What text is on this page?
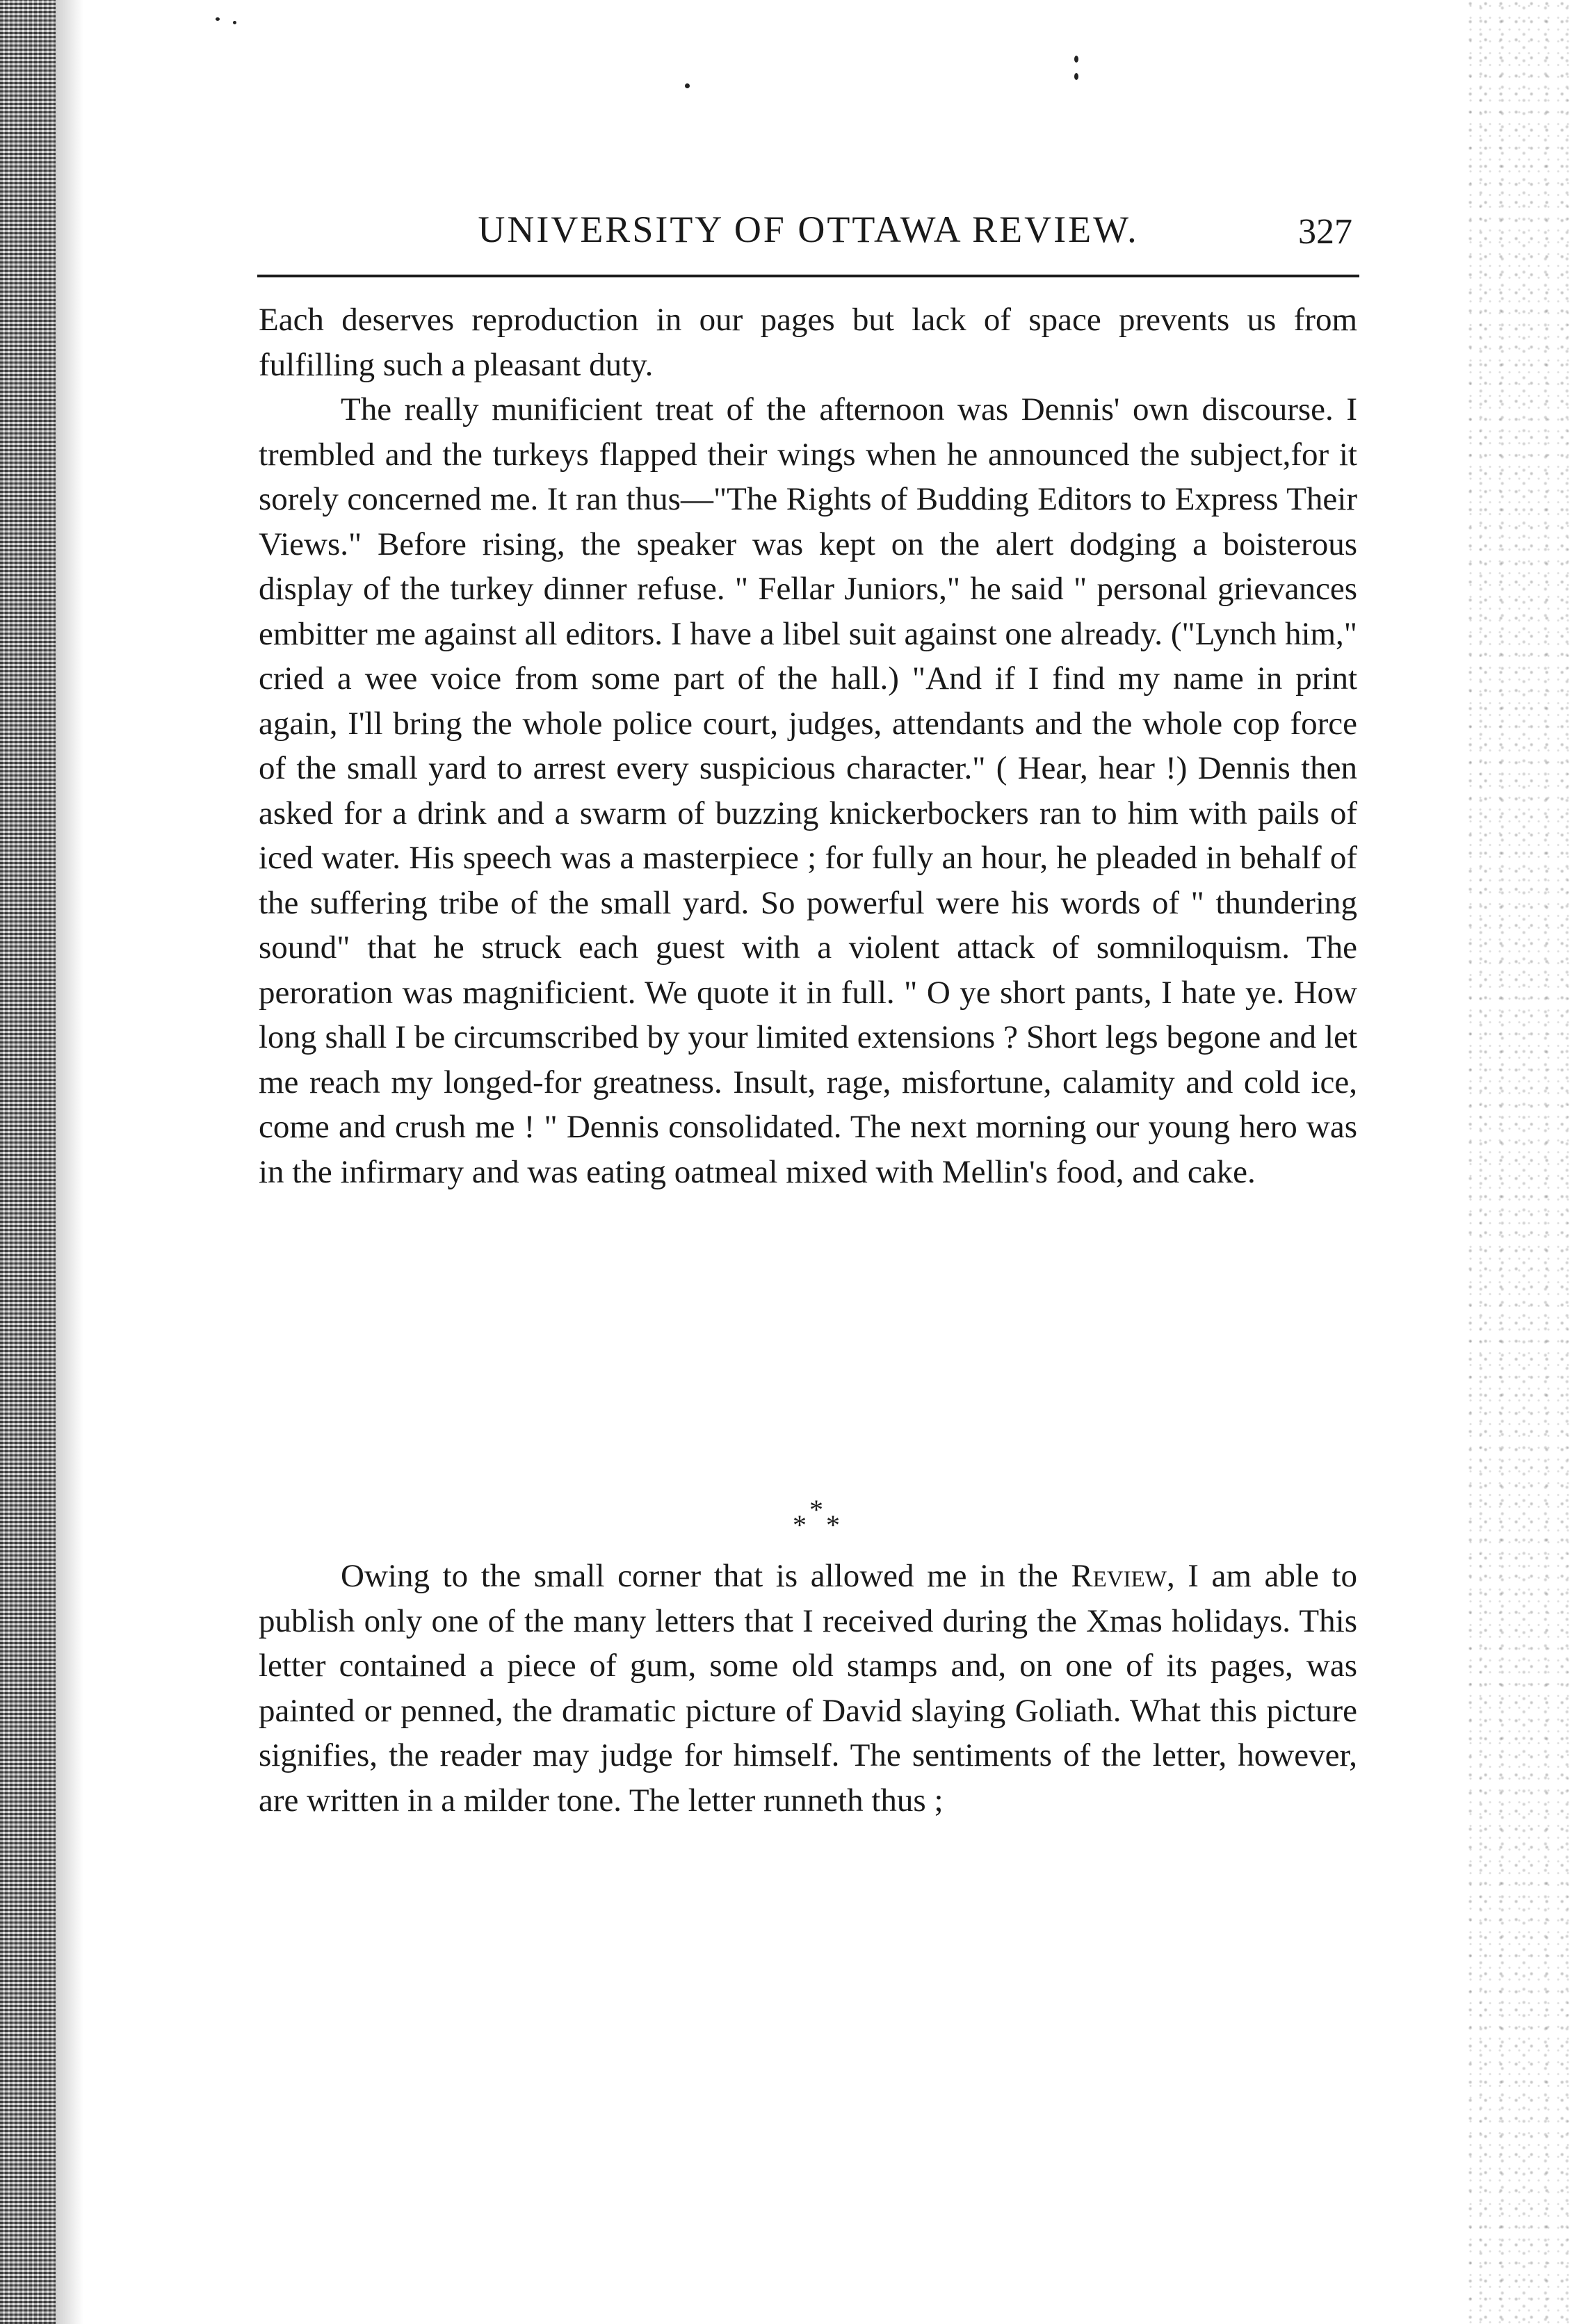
UNIVERSITY OF OTTAWA REVIEW.	327

Each deserves reproduction in our pages but lack of space prevents us from fulfilling such a pleasant duty.

The really munificient treat of the afternoon was Dennis' own discourse. I trembled and the turkeys flapped their wings when he announced the subject,for it sorely concerned me. It ran thus—"The Rights of Budding Editors to Express Their Views." Before rising, the speaker was kept on the alert dodging a boisterous display of the turkey dinner refuse. " Fellar Juniors," he said " personal grievances embitter me against all editors. I have a libel suit against one already. ("Lynch him," cried a wee voice from some part of the hall.) "And if I find my name in print again, I'll bring the whole police court, judges, attendants and the whole cop force of the small yard to arrest every suspicious character." ( Hear, hear !) Dennis then asked for a drink and a swarm of buzzing knickerbockers ran to him with pails of iced water. His speech was a masterpiece ; for fully an hour, he pleaded in behalf of the suffering tribe of the small yard. So powerful were his words of " thundering sound" that he struck each guest with a violent attack of somniloquism. The peroration was magnificient. We quote it in full. " O ye short pants, I hate ye. How long shall I be circumscribed by your limited extensions ? Short legs begone and let me reach my longed-for greatness. Insult, rage, misfortune, calamity and cold ice, come and crush me ! " Dennis consolidated. The next morning our young hero was in the infirmary and was eating oatmeal mixed with Mellin's food, and cake.

*
* *

Owing to the small corner that is allowed me in the Review, I am able to publish only one of the many letters that I received during the Xmas holidays. This letter contained a piece of gum, some old stamps and, on one of its pages, was painted or penned, the dramatic picture of David slaying Goliath. What this picture signifies, the reader may judge for himself. The sentiments of the letter, however, are written in a milder tone. The letter runneth thus ;
